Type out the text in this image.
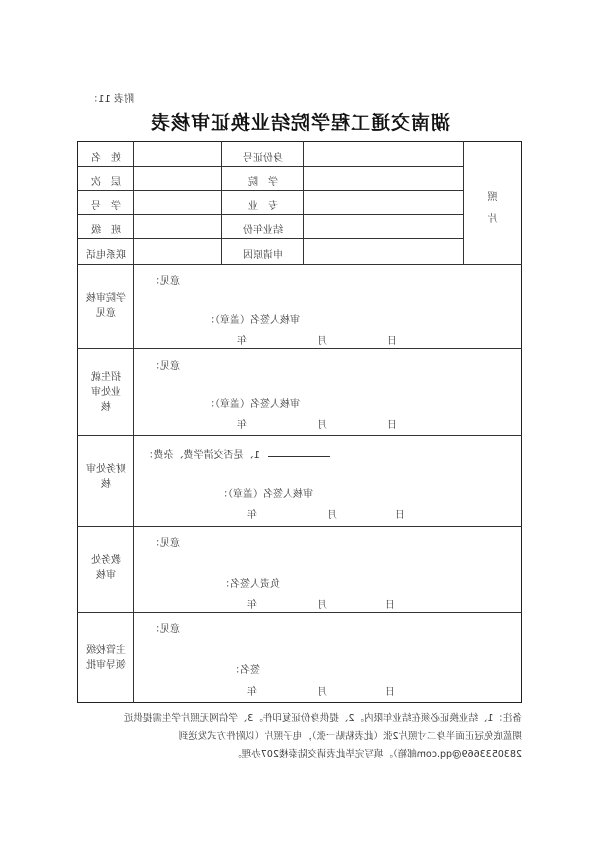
附表 11：
湖南交通工程学院结业换证审核表
姓　名	身份证号
层　次	学　院
学　号	专　业
班　级	结业年份
联系电话	申请原因
照
片
学院审核
意见
意见：
审核人签名（盖章）：
年	月	日
招生就
业处审
核
意见：
审核人签名（盖章）：
年	月	日
财务处审
核
1、是否交清学费、杂费：
审核人签名（盖章）：
年	月	日
教务处
审核
意见：
负责人签名：
年	月	日
主管校级
领导审批
意见：
签名：
年	月	日
备注：1、结业换证必须在结业年限内。2、提供身份证复印件。3、学信网无照片学生需提供近
期蓝底免冠正面半身二寸照片2张（此表粘贴一张），电子照片（以附件方式发送到
2830533669@qq.com邮箱）。填写完毕此表请交陆泰楼207办理。
